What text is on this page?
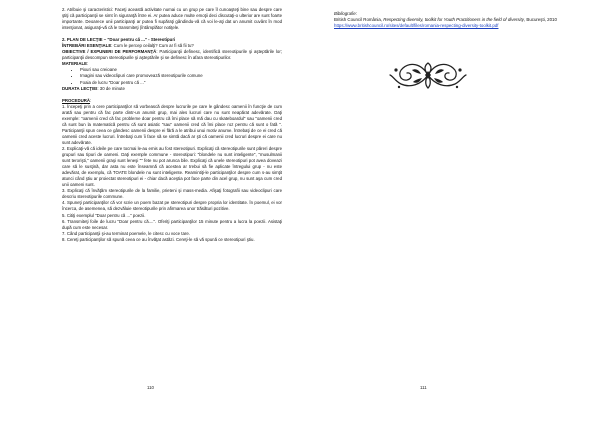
2. Atribuie şi caracteristici: Faceţi această activitate numai cu un grup pe care îl cunoaşteţi bine sau despre care ştiţi că participanţii se simt în siguranţă între ei. Ar putea aduce multe emoţii deci discutaţi-o ulterior are sunt foarte importante. Deoarece unii participanţi ar putea fi supăraţi gândindu-vă că voi le-aţi dat un anumit cuvânt în mod intenţionat, asiguraţi-vă că le transmiteţi (întâmplător notiţele.

2. PLAN DE LECŢIE – "Doar pentru că ..." - Stereotipuri

ÎNTREBĂRI ESENŢIALE: Cum le percep ceilalţi? Cum ar fi să fii tu?

OBIECTIVE / EXPUNERI DE PERFORMANŢĂ: Participanţii definesc, identifică stereotipurile şi aşteptările lor; participanţii descompun stereotipurile şi aşteptările şi se definesc în afara stereotipurilor.

MATERIALE:

• Pixuri sau creioane
• Imagini sau videoclipuri care promovează stereotipurile comune
• Foaia de lucru "Doar pentru că ..."

DURATA LECŢIEI: 30 de minute

PROCEDURĂ:

1. Începeţi prin a cere participanţilor să vorbească despre lucrurile pe care le gândesc oamenii în funcţie de cum arată sau pentru că fac parte dintr-un anumit grup, mai ales lucruri care nu sunt neapărat adevărate. Daţi exemple: "oamenii cred că fac probleme doar pentru că îmi place să mă dau cu skateboardul" sau "oamenii cred că sunt bun la matematică pentru că sunt asiatic "sau" oamenii cred că îmi place roz pentru că sunt o fată ". Participanţii spun ceea ce gândesc oamenii despre ei fără a le atribui unui motiv anume. Întrebaţi de ce ei cred că oamenii cred aceste lucruri. Întrebaţi cum îi face să se simtă dacă ar şti că oamenii cred lucruri despre ei care nu sunt adevărate.

2. Explicaţi-vă că ideile pe care tocmai le-au emis au fost stereotipuri. Explicaţi că stereotipurile sunt păreri despre grupuri sau tipuri de oameni. Daţi exemple commune - stereotipuri: "blondele nu sunt inteligente", "musulmanii sunt terorişti," oamenii graşi sunt leneşi "" fete nu pot arunca bile. Explicaţi că unele stereotipuri pot avea doveazi care să le susţină, dar asta nu este înseamnă că acestea ar trebui să fie aplicate întregului grup - nu este adevărat, de exemplu, că TOATE blondele nu sunt inteligente. Reamintiţi-le participanţilor despre cum s-au simţit atunci când ştiu ar proiectat stereotipuri ei - chiar dacă aceştia pot face parte din acel grup, nu sunt aşa cum cred unii oameni sunt.

3. Explicaţi că învăţăm stereotipurile de la familie, prieteni şi mass-media. Afişaţi fotografii sau videoclipuri care descriu stereotipurile commune.

4. Spuneţi participanţilor că vor scrie un poem bazat pe stereotipuri despre propria lor identitate. În poemul, ei vor încerca, de asemenea, să dezvăluie stereotipurile prin afirmarea unor trăsături pozitive.

5. Citiţi exemplul "Doar pentru că ..." poezii.

6. Transmiteţi foile de lucru "Doar pentru că....". Oferiţi participanţilor 15 minute pentru a lucra la poezii. Asistaţi după cum este necesar.

7. Când participanţii şi-au terminat poemele, le citesc cu voce tare.

8. Cereţi participanţilor să spună ceea ce au învăţat astăzi. Cereţi-le să vă spună ce stereotipuri ştiu.

110

Bibliografie:

British Council România, Respecting diversity, toolkit for Youth Practitioners in the field of diversity, Bucureşti, 2010

https://www.britishcouncil.ro/sites/default/files/romania-respecting-diversity-toolkit.pdf

111
